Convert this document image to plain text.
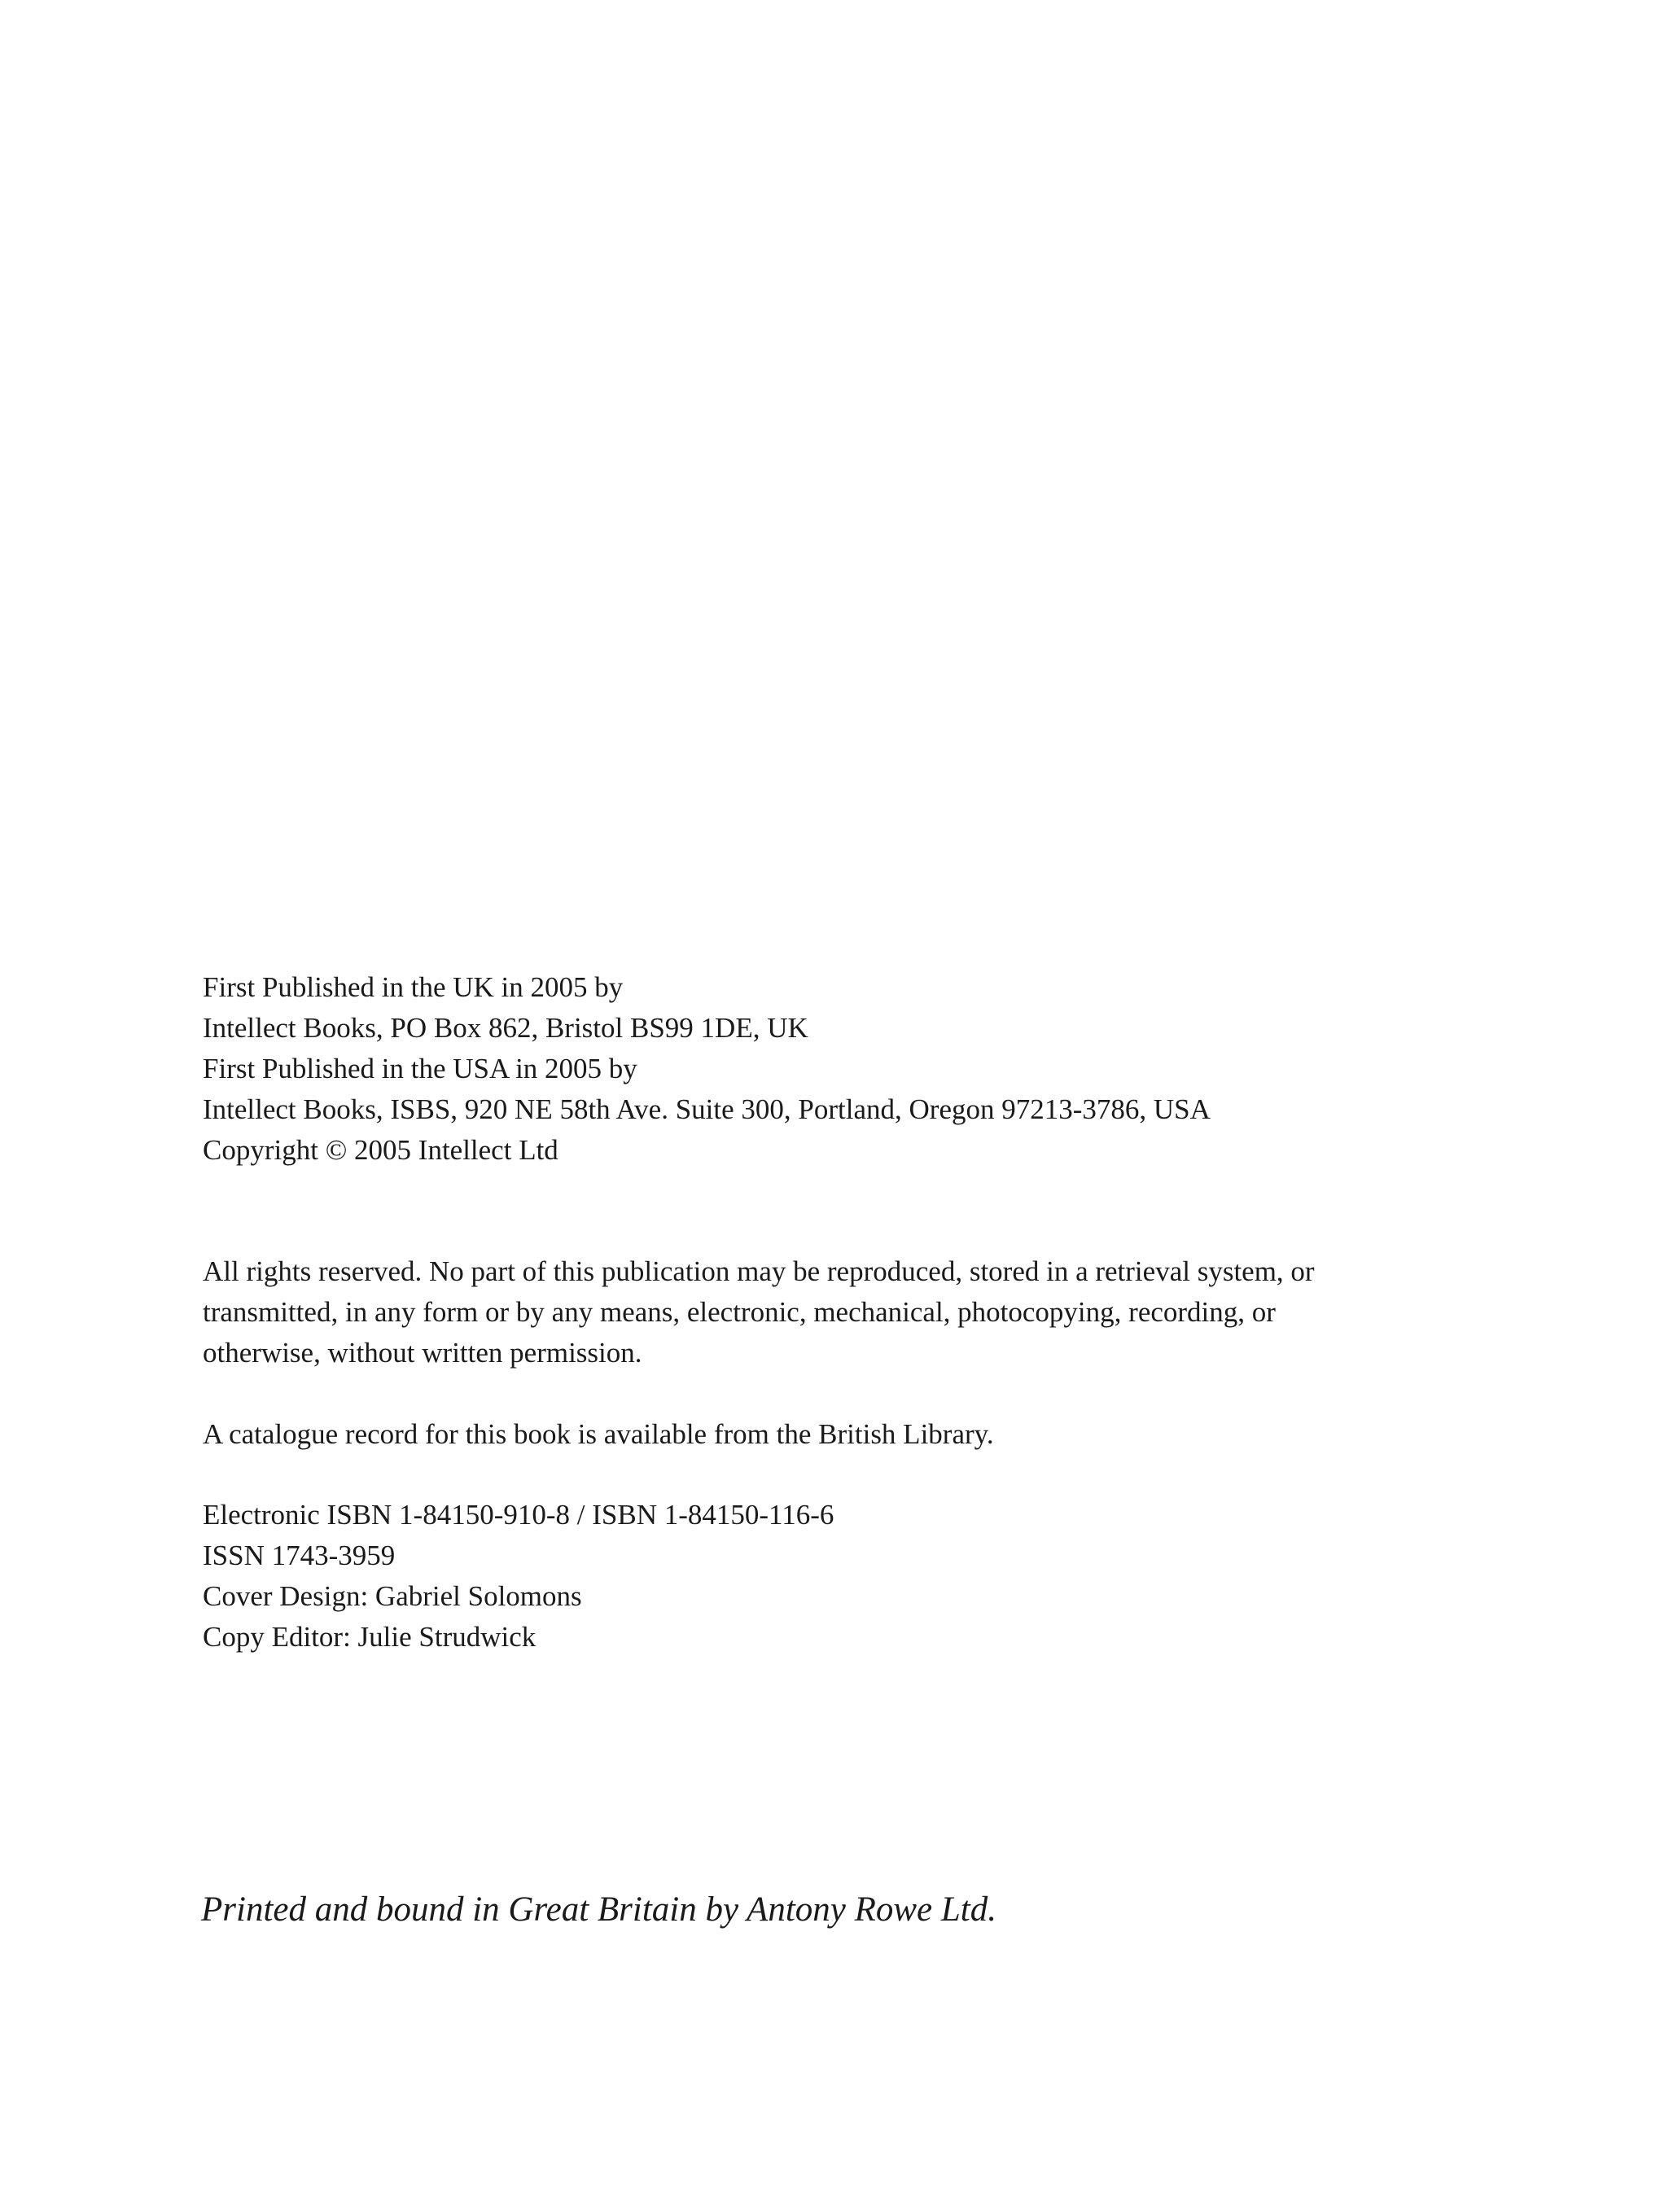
First Published in the UK in 2005 by
Intellect Books, PO Box 862, Bristol BS99 1DE, UK
First Published in the USA in 2005 by
Intellect Books, ISBS, 920 NE 58th Ave. Suite 300, Portland, Oregon 97213-3786, USA
Copyright © 2005 Intellect Ltd
All rights reserved. No part of this publication may be reproduced, stored in a retrieval system, or
transmitted, in any form or by any means, electronic, mechanical, photocopying, recording, or
otherwise, without written permission.
A catalogue record for this book is available from the British Library.
Electronic ISBN 1-84150-910-8 / ISBN 1-84150-116-6
ISSN 1743-3959
Cover Design: Gabriel Solomons
Copy Editor: Julie Strudwick
Printed and bound in Great Britain by Antony Rowe Ltd.
